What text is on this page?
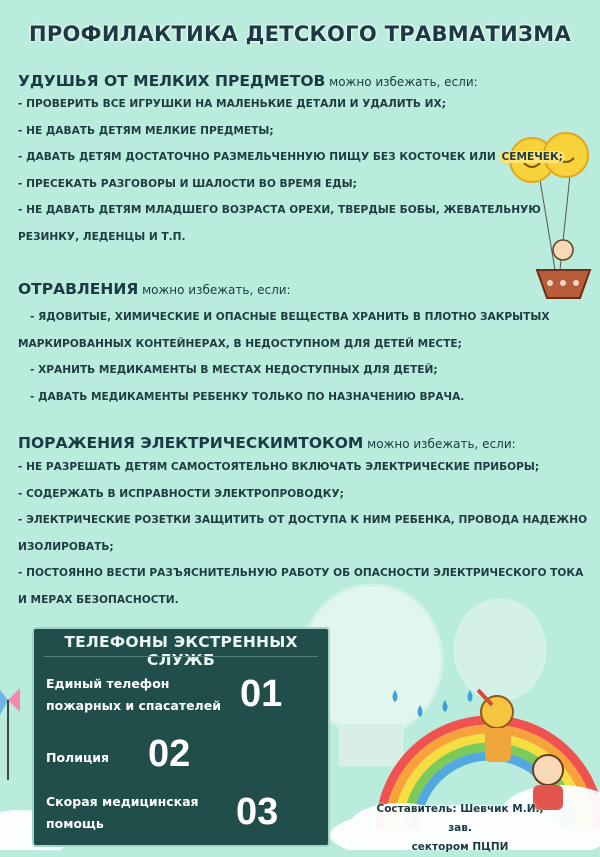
ПРОФИЛАКТИКА ДЕТСКОГО ТРАВМАТИЗМА
УДУШЬЯ ОТ МЕЛКИХ ПРЕДМЕТОВ можно избежать, если:
- ПРОВЕРИТЬ ВСЕ ИГРУШКИ НА МАЛЕНЬКИЕ ДЕТАЛИ И УДАЛИТЬ ИХ;
- НЕ ДАВАТЬ ДЕТЯМ МЕЛКИЕ ПРЕДМЕТЫ;
- ДАВАТЬ ДЕТЯМ ДОСТАТОЧНО РАЗМЕЛЬЧЕННУЮ ПИЩУ БЕЗ КОСТОЧЕК ИЛИ СЕМЕЧЕК;
- ПРЕСЕКАТЬ РАЗГОВОРЫ И ШАЛОСТИ ВО ВРЕМЯ ЕДЫ;
- НЕ ДАВАТЬ ДЕТЯМ МЛАДШЕГО ВОЗРАСТА ОРЕХИ, ТВЕРДЫЕ БОБЫ, ЖЕВАТЕЛЬНУЮ
РЕЗИНКУ, ЛЕДЕНЦЫ И Т.П.
ОТРАВЛЕНИЯ можно избежать, если:
- ЯДОВИТЫЕ, ХИМИЧЕСКИЕ И ОПАСНЫЕ ВЕЩЕСТВА ХРАНИТЬ В ПЛОТНО ЗАКРЫТЫХ
МАРКИРОВАННЫХ КОНТЕЙНЕРАХ, В НЕДОСТУПНОМ ДЛЯ ДЕТЕЙ МЕСТЕ;
- ХРАНИТЬ МЕДИКАМЕНТЫ В МЕСТАХ НЕДОСТУПНЫХ ДЛЯ ДЕТЕЙ;
- ДАВАТЬ МЕДИКАМЕНТЫ РЕБЕНКУ ТОЛЬКО ПО НАЗНАЧЕНИЮ ВРАЧА.
ПОРАЖЕНИЯ ЭЛЕКТРИЧЕСКИМТОКОМ можно избежать, если:
- НЕ РАЗРЕШАТЬ ДЕТЯМ САМОСТОЯТЕЛЬНО ВКЛЮЧАТЬ ЭЛЕКТРИЧЕСКИЕ ПРИБОРЫ;
- СОДЕРЖАТЬ В ИСПРАВНОСТИ ЭЛЕКТРОПРОВОДКУ;
- ЭЛЕКТРИЧЕСКИЕ РОЗЕТКИ ЗАЩИТИТЬ ОТ ДОСТУПА К НИМ РЕБЕНКА, ПРОВОДА НАДЕЖНО
ИЗОЛИРОВАТЬ;
- ПОСТОЯННО ВЕСТИ РАЗЪЯСНИТЕЛЬНУЮ РАБОТУ ОБ ОПАСНОСТИ ЭЛЕКТРИЧЕСКОГО ТОКА
И МЕРАХ БЕЗОПАСНОСТИ.
ТЕЛЕФОНЫ ЭКСТРЕННЫХ СЛУЖБ
Единый телефон
пожарных и спасателей 01
Полиция 02
Скорая медицинская
помощь	03	Составитель: Шевчик М.И., зав.
сектором ПЦПИ
